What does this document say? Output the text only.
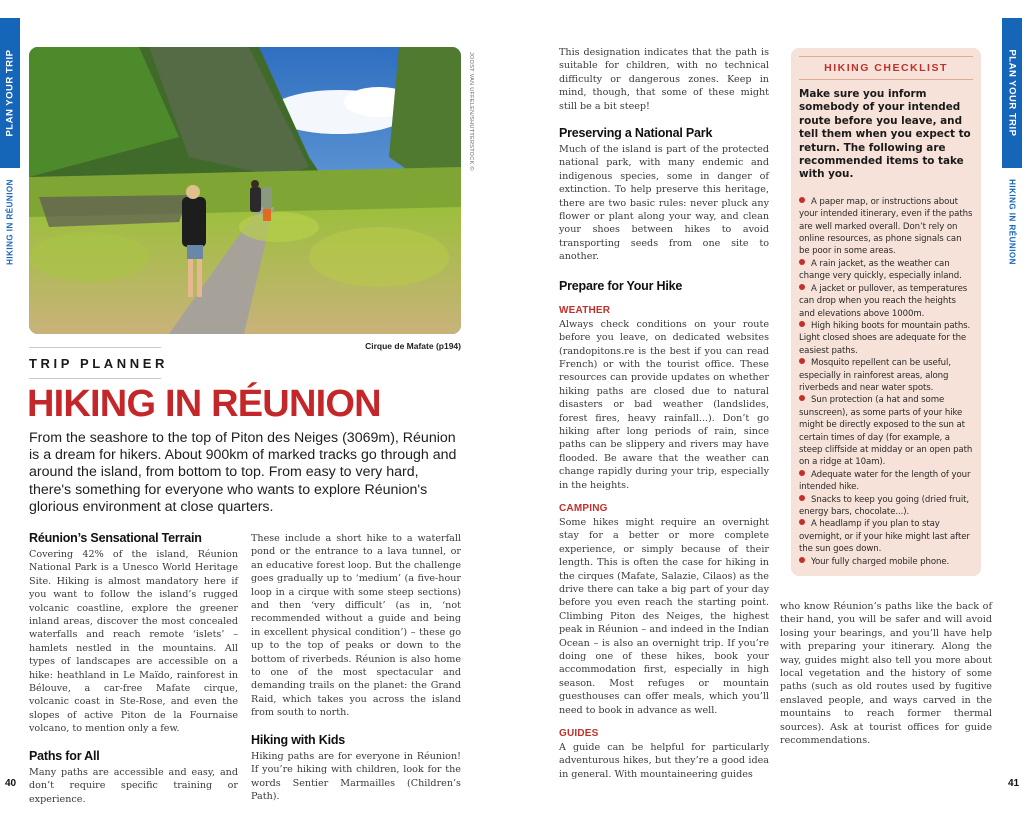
PLAN YOUR TRIP
HIKING IN RÉUNION
JOOST VAN UFFELEN/SHUTTERSTOCK ©
Cirque de Mafate (p194)
TRIP PLANNER
HIKING IN RÉUNION

From the seashore to the top of Piton des Neiges (3069m), Réunion is a dream for hikers. About 900km of marked tracks go through and around the island, from bottom to top. From easy to very hard, there's something for everyone who wants to explore Réunion's glorious environment at close quarters.

Réunion’s Sensational Terrain

Covering 42% of the island, Réunion National Park is a Unesco World Heritage Site. Hiking is almost mandatory here if you want to follow the island’s rugged volcanic coastline, explore the greener inland areas, discover the most concealed waterfalls and reach remote ‘islets’ – hamlets nestled in the mountains. All types of landscapes are accessible on a hike: heathland in Le Maïdo, rainforest in Bélouve, a car-free Mafate cirque, volcanic coast in Ste-Rose, and even the slopes of active Piton de la Fournaise volcano, to mention only a few.

Paths for All

Many paths are accessible and easy, and don’t require specific training or experience.

These include a short hike to a waterfall pond or the entrance to a lava tunnel, or an educative forest loop. But the challenge goes gradually up to ‘medium’ (a five-hour loop in a cirque with some steep sections) and then ‘very difficult’ (as in, ‘not recommended without a guide and being in excellent physical condition’) – these go up to the top of peaks or down to the bottom of riverbeds. Réunion is also home to one of the most spectacular and demanding trails on the planet: the Grand Raid, which takes you across the island from south to north.

Hiking with Kids

Hiking paths are for everyone in Réunion! If you’re hiking with children, look for the words Sentier Marmailles (Children’s Path).

40

This designation indicates that the path is suitable for children, with no technical difficulty or dangerous zones. Keep in mind, though, that some of these might still be a bit steep!

Preserving a National Park

Much of the island is part of the protected national park, with many endemic and indigenous species, some in danger of extinction. To help preserve this heritage, there are two basic rules: never pluck any flower or plant along your way, and clean your shoes between hikes to avoid transporting seeds from one site to another.

Prepare for Your Hike
WEATHER

Always check conditions on your route before you leave, on dedicated websites (randopitons.re is the best if you can read French) or with the tourist office. These resources can provide updates on whether hiking paths are closed due to natural disasters or bad weather (landslides, forest fires, heavy rainfall...). Don’t go hiking after long periods of rain, since paths can be slippery and rivers may have flooded. Be aware that the weather can change rapidly during your trip, especially in the heights.

CAMPING

Some hikes might require an overnight stay for a better or more complete experience, or simply because of their length. This is often the case for hiking in the cirques (Mafate, Salazie, Cilaos) as the drive there can take a big part of your day before you even reach the starting point. Climbing Piton des Neiges, the highest peak in Réunion – and indeed in the Indian Ocean – is also an overnight trip. If you’re doing one of these hikes, book your accommodation first, especially in high season. Most refuges or mountain guesthouses can offer meals, which you’ll need to book in advance as well.

GUIDES

A guide can be helpful for particularly adventurous hikes, but they’re a good idea in general. With mountaineering guides

HIKING CHECKLIST

Make sure you inform somebody of your intended route before you leave, and tell them when you expect to return. The following are recommended items to take with you.

A paper map, or instructions about your intended itinerary, even if the paths are well marked overall. Don’t rely on online resources, as phone signals can be poor in some areas.
A rain jacket, as the weather can change very quickly, especially inland.
A jacket or pullover, as temperatures can drop when you reach the heights and elevations above 1000m.
High hiking boots for mountain paths. Light closed shoes are adequate for the easiest paths.
Mosquito repellent can be useful, especially in rainforest areas, along riverbeds and near water spots.
Sun protection (a hat and some sunscreen), as some parts of your hike might be directly exposed to the sun at certain times of day (for example, a steep cliffside at midday or an open path on a ridge at 10am).
Adequate water for the length of your intended hike.
Snacks to keep you going (dried fruit, energy bars, chocolate...).
A headlamp if you plan to stay overnight, or if your hike might last after the sun goes down.
Your fully charged mobile phone.

who know Réunion’s paths like the back of their hand, you will be safer and will avoid losing your bearings, and you’ll have help with preparing your itinerary. Along the way, guides might also tell you more about local vegetation and the history of some paths (such as old routes used by fugitive enslaved people, and ways carved in the mountains to reach former thermal sources). Ask at tourist offices for guide recommendations.

PLAN YOUR TRIP
HIKING IN RÉUNION
41
